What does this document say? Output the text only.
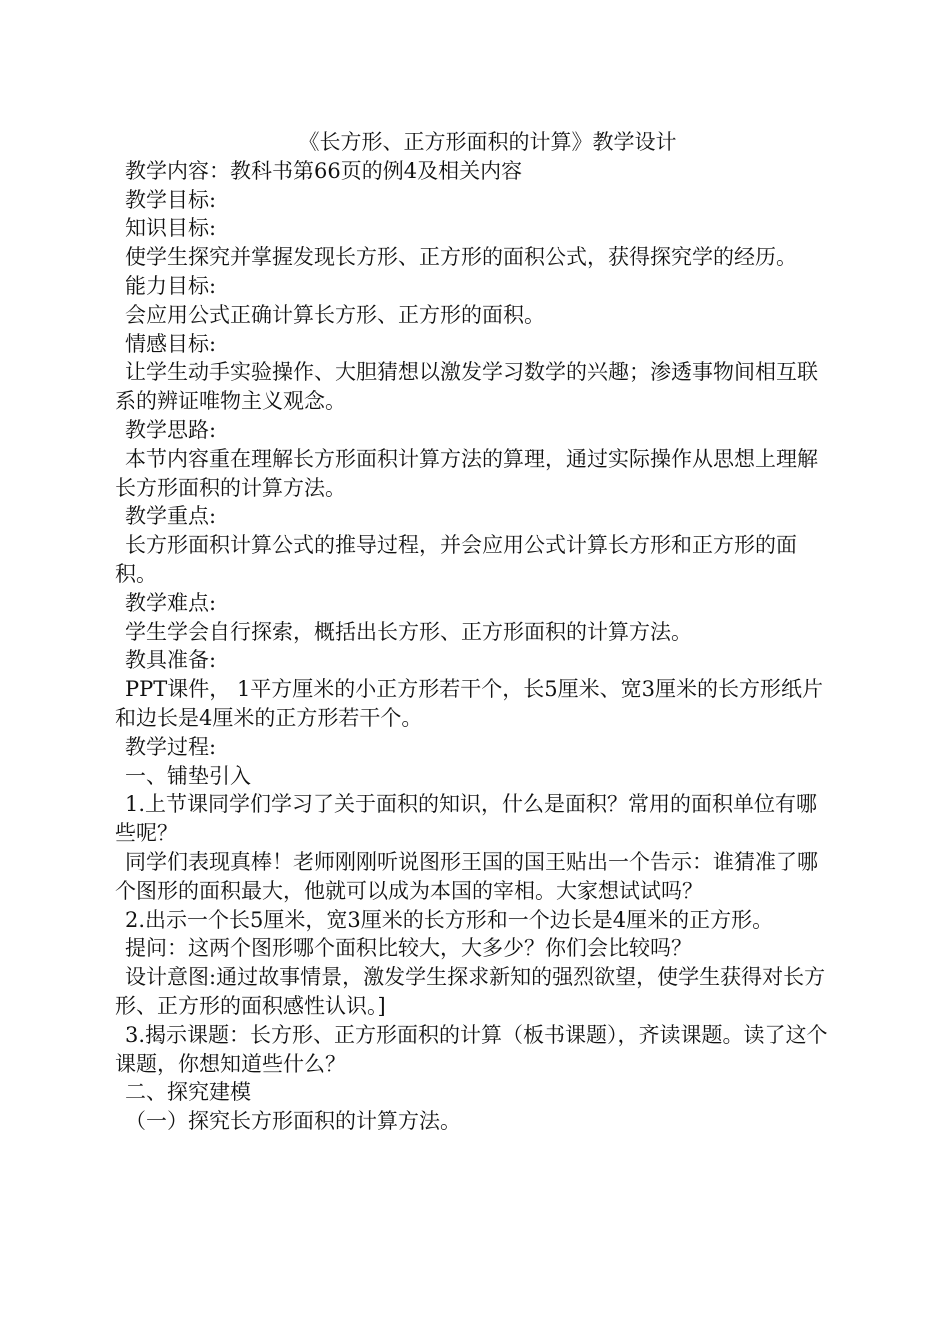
《长方形、正方形面积的计算》教学设计

教学内容：教科书第66页的例4及相关内容

教学目标:

知识目标:

使学生探究并掌握发现长方形、正方形的面积公式，获得探究学的经历。

能力目标:

会应用公式正确计算长方形、正方形的面积。

情感目标:

让学生动手实验操作、大胆猜想以激发学习数学的兴趣；渗透事物间相互联系的辨证唯物主义观念。

教学思路:

本节内容重在理解长方形面积计算方法的算理，通过实际操作从思想上理解长方形面积的计算方法。

教学重点:

长方形面积计算公式的推导过程，并会应用公式计算长方形和正方形的面积。

教学难点:

学生学会自行探索，概括出长方形、正方形面积的计算方法。

教具准备:

PPT课件， 1平方厘米的小正方形若干个，长5厘米、宽3厘米的长方形纸片和边长是4厘米的正方形若干个。

教学过程:

一、铺垫引入

1.上节课同学们学习了关于面积的知识，什么是面积？常用的面积单位有哪些呢？

同学们表现真棒！老师刚刚听说图形王国的国王贴出一个告示：谁猜准了哪个图形的面积最大，他就可以成为本国的宰相。大家想试试吗？

2.出示一个长5厘米，宽3厘米的长方形和一个边长是4厘米的正方形。

提问：这两个图形哪个面积比较大，大多少？你们会比较吗？

设计意图:通过故事情景，激发学生探求新知的强烈欲望，使学生获得对长方形、正方形的面积感性认识。]

3.揭示课题：长方形、正方形面积的计算（板书课题），齐读课题。读了这个课题，你想知道些什么？

二、探究建模

（一）探究长方形面积的计算方法。
